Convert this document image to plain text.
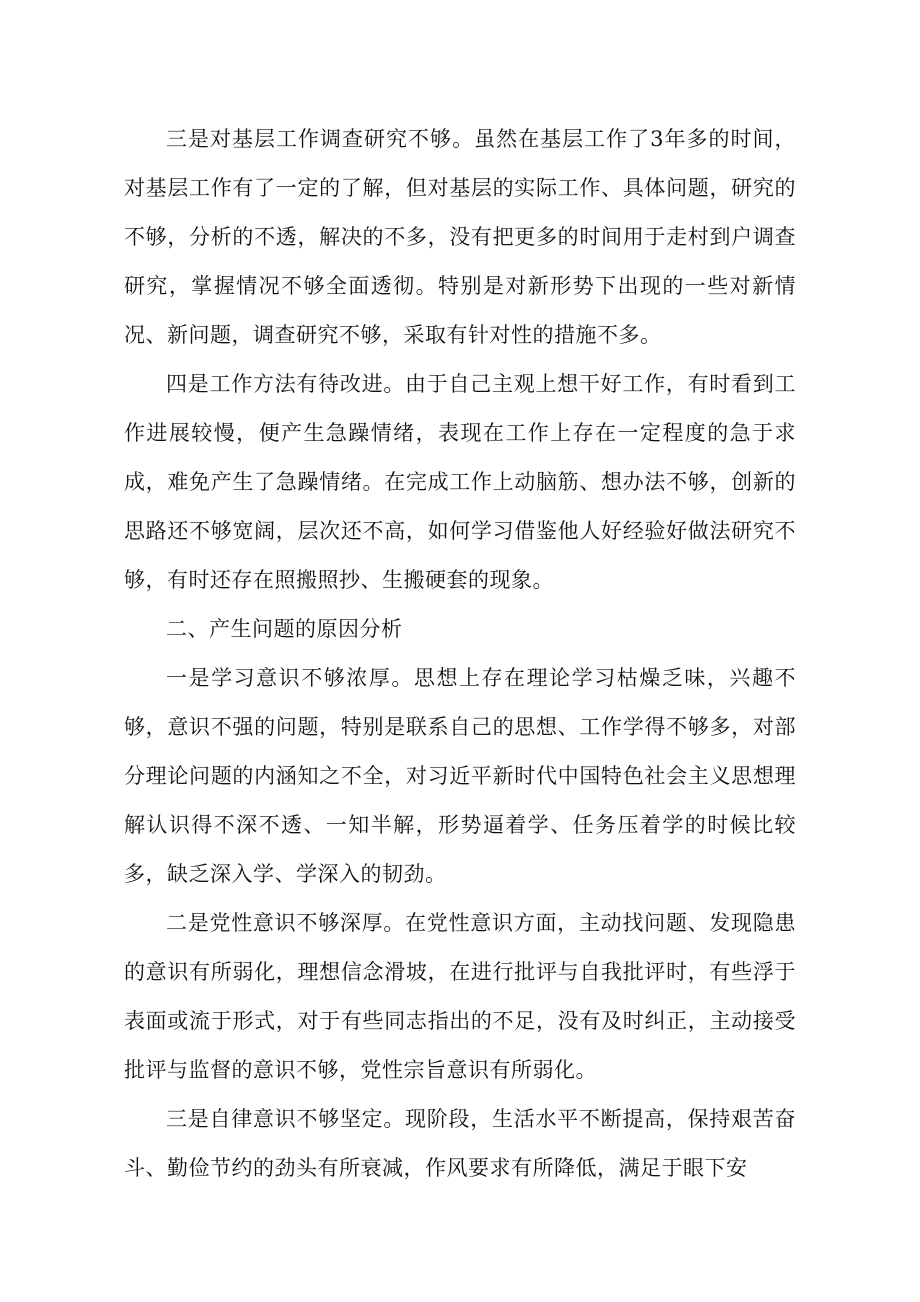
三是对基层工作调查研究不够。虽然在基层工作了3年多的时间，对基层工作有了一定的了解，但对基层的实际工作、具体问题，研究的不够，分析的不透，解决的不多，没有把更多的时间用于走村到户调查研究，掌握情况不够全面透彻。特别是对新形势下出现的一些对新情况、新问题，调查研究不够，采取有针对性的措施不多。

四是工作方法有待改进。由于自己主观上想干好工作，有时看到工作进展较慢，便产生急躁情绪，表现在工作上存在一定程度的急于求成，难免产生了急躁情绪。在完成工作上动脑筋、想办法不够，创新的思路还不够宽阔，层次还不高，如何学习借鉴他人好经验好做法研究不够，有时还存在照搬照抄、生搬硬套的现象。

二、产生问题的原因分析

一是学习意识不够浓厚。思想上存在理论学习枯燥乏味，兴趣不够，意识不强的问题，特别是联系自己的思想、工作学得不够多，对部分理论问题的内涵知之不全，对习近平新时代中国特色社会主义思想理解认识得不深不透、一知半解，形势逼着学、任务压着学的时候比较多，缺乏深入学、学深入的韧劲。

二是党性意识不够深厚。在党性意识方面，主动找问题、发现隐患的意识有所弱化，理想信念滑坡，在进行批评与自我批评时，有些浮于表面或流于形式，对于有些同志指出的不足，没有及时纠正，主动接受批评与监督的意识不够，党性宗旨意识有所弱化。

三是自律意识不够坚定。现阶段，生活水平不断提高，保持艰苦奋斗、勤俭节约的劲头有所衰减，作风要求有所降低，满足于眼下安
